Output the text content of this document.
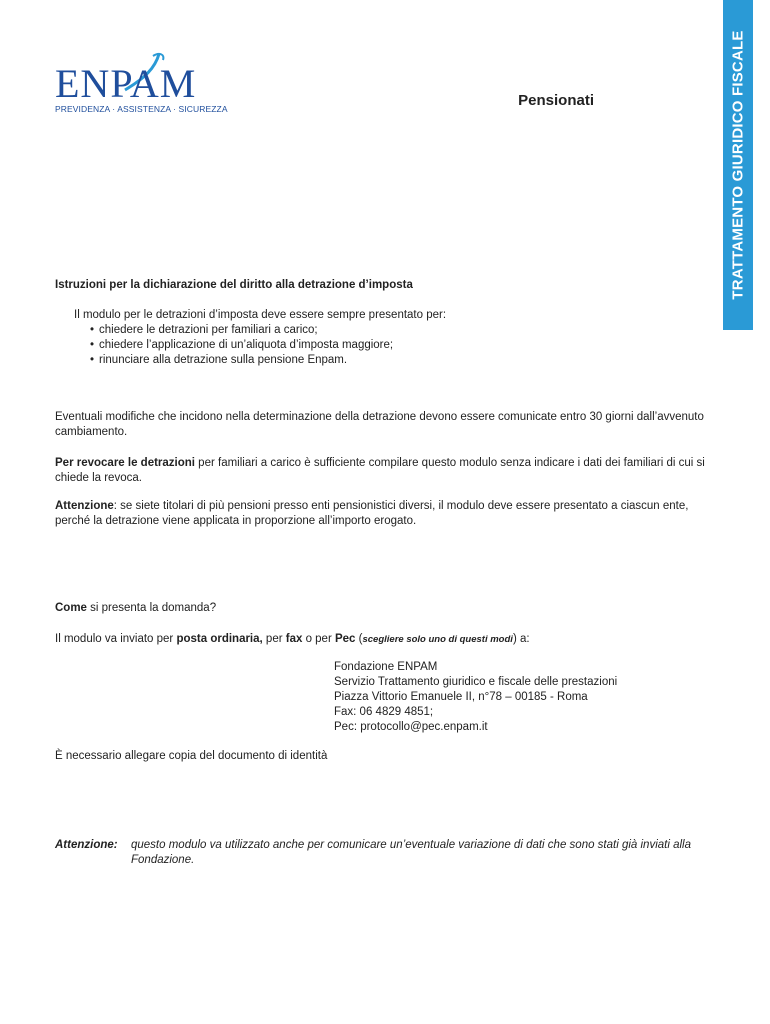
ENPAM
PREVIDENZA · ASSISTENZA · SICUREZZA	Pensionati	TRATTAMENTO GIURIDICO FISCALE
Istruzioni per la dichiarazione del diritto alla detrazione d’imposta
Il modulo per le detrazioni d’imposta deve essere sempre presentato per:
• chiedere le detrazioni per familiari a carico;
• chiedere l’applicazione di un’aliquota d’imposta maggiore;
• rinunciare alla detrazione sulla pensione Enpam.
Eventuali modifiche che incidono nella determinazione della detrazione devono essere comunicate entro 30 giorni dall’avvenuto cambiamento.
Per revocare le detrazioni per familiari a carico è sufficiente compilare questo modulo senza indicare i dati dei familiari di cui si chiede la revoca.
Attenzione: se siete titolari di più pensioni presso enti pensionistici diversi, il modulo deve essere presentato a ciascun ente, perché la detrazione viene applicata in proporzione all’importo erogato.
Come si presenta la domanda?
Il modulo va inviato per posta ordinaria, per fax o per Pec (scegliere solo uno di questi modi) a:
Fondazione ENPAM
Servizio Trattamento giuridico e fiscale delle prestazioni
Piazza Vittorio Emanuele II, n°78 – 00185 - Roma
Fax: 06 4829 4851;
Pec: protocollo@pec.enpam.it
È necessario allegare copia del documento di identità
Attenzione: questo modulo va utilizzato anche per comunicare un’eventuale variazione di dati che sono stati già inviati alla Fondazione.
